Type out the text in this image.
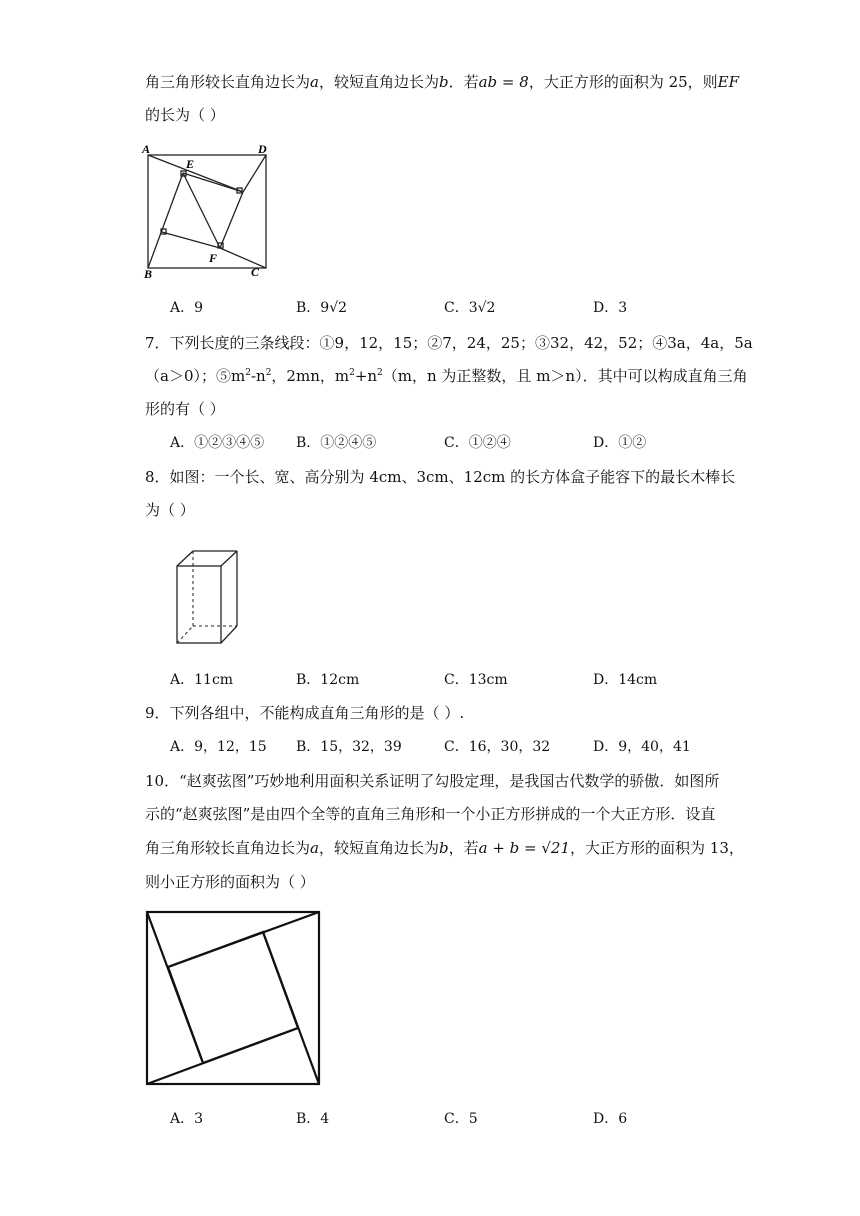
角三角形较长直角边长为a，较短直角边长为b．若ab = 8，大正方形的面积为 25，则EF
的长为（ ）
A	D
E
B
F
C
A．9	B．9√2	C．3√2	D．3
7．下列长度的三条线段：①9，12，15；②7，24，25；③32，42，52；④3a，4a，5a
（a＞0）；$⑤m^2-n^2$，2mn，$m^2+n^2(m$，n 为正整数，且 m＞n）．其中可以构成直角三角
形的有（ ）
A．①②③④⑤ B．①②④⑤	C．①②④	D．①②
8．如图：一个长、宽、高分别为 4cm、3cm、12cm 的长方体盒子能容下的最长木棒长
为（ ）
A．11cm	B．12cm	C．13cm	D．14cm
9．下列各组中，不能构成直角三角形的是（ ）.
A．9，12，15 B．15，32，39	C．16，30，32	D．9，40，41
10．“赵爽弦图”巧妙地利用面积关系证明了勾股定理，是我国古代数学的骄傲．如图所
示的“赵爽弦图”是由四个全等的直角三角形和一个小正方形拼成的一个大正方形．设直
角三角形较长直角边长为a，较短直角边长为b，若a + b = √21，大正方形的面积为 13，
则小正方形的面积为（ ）
A．3	B．4	C．5	D．6
